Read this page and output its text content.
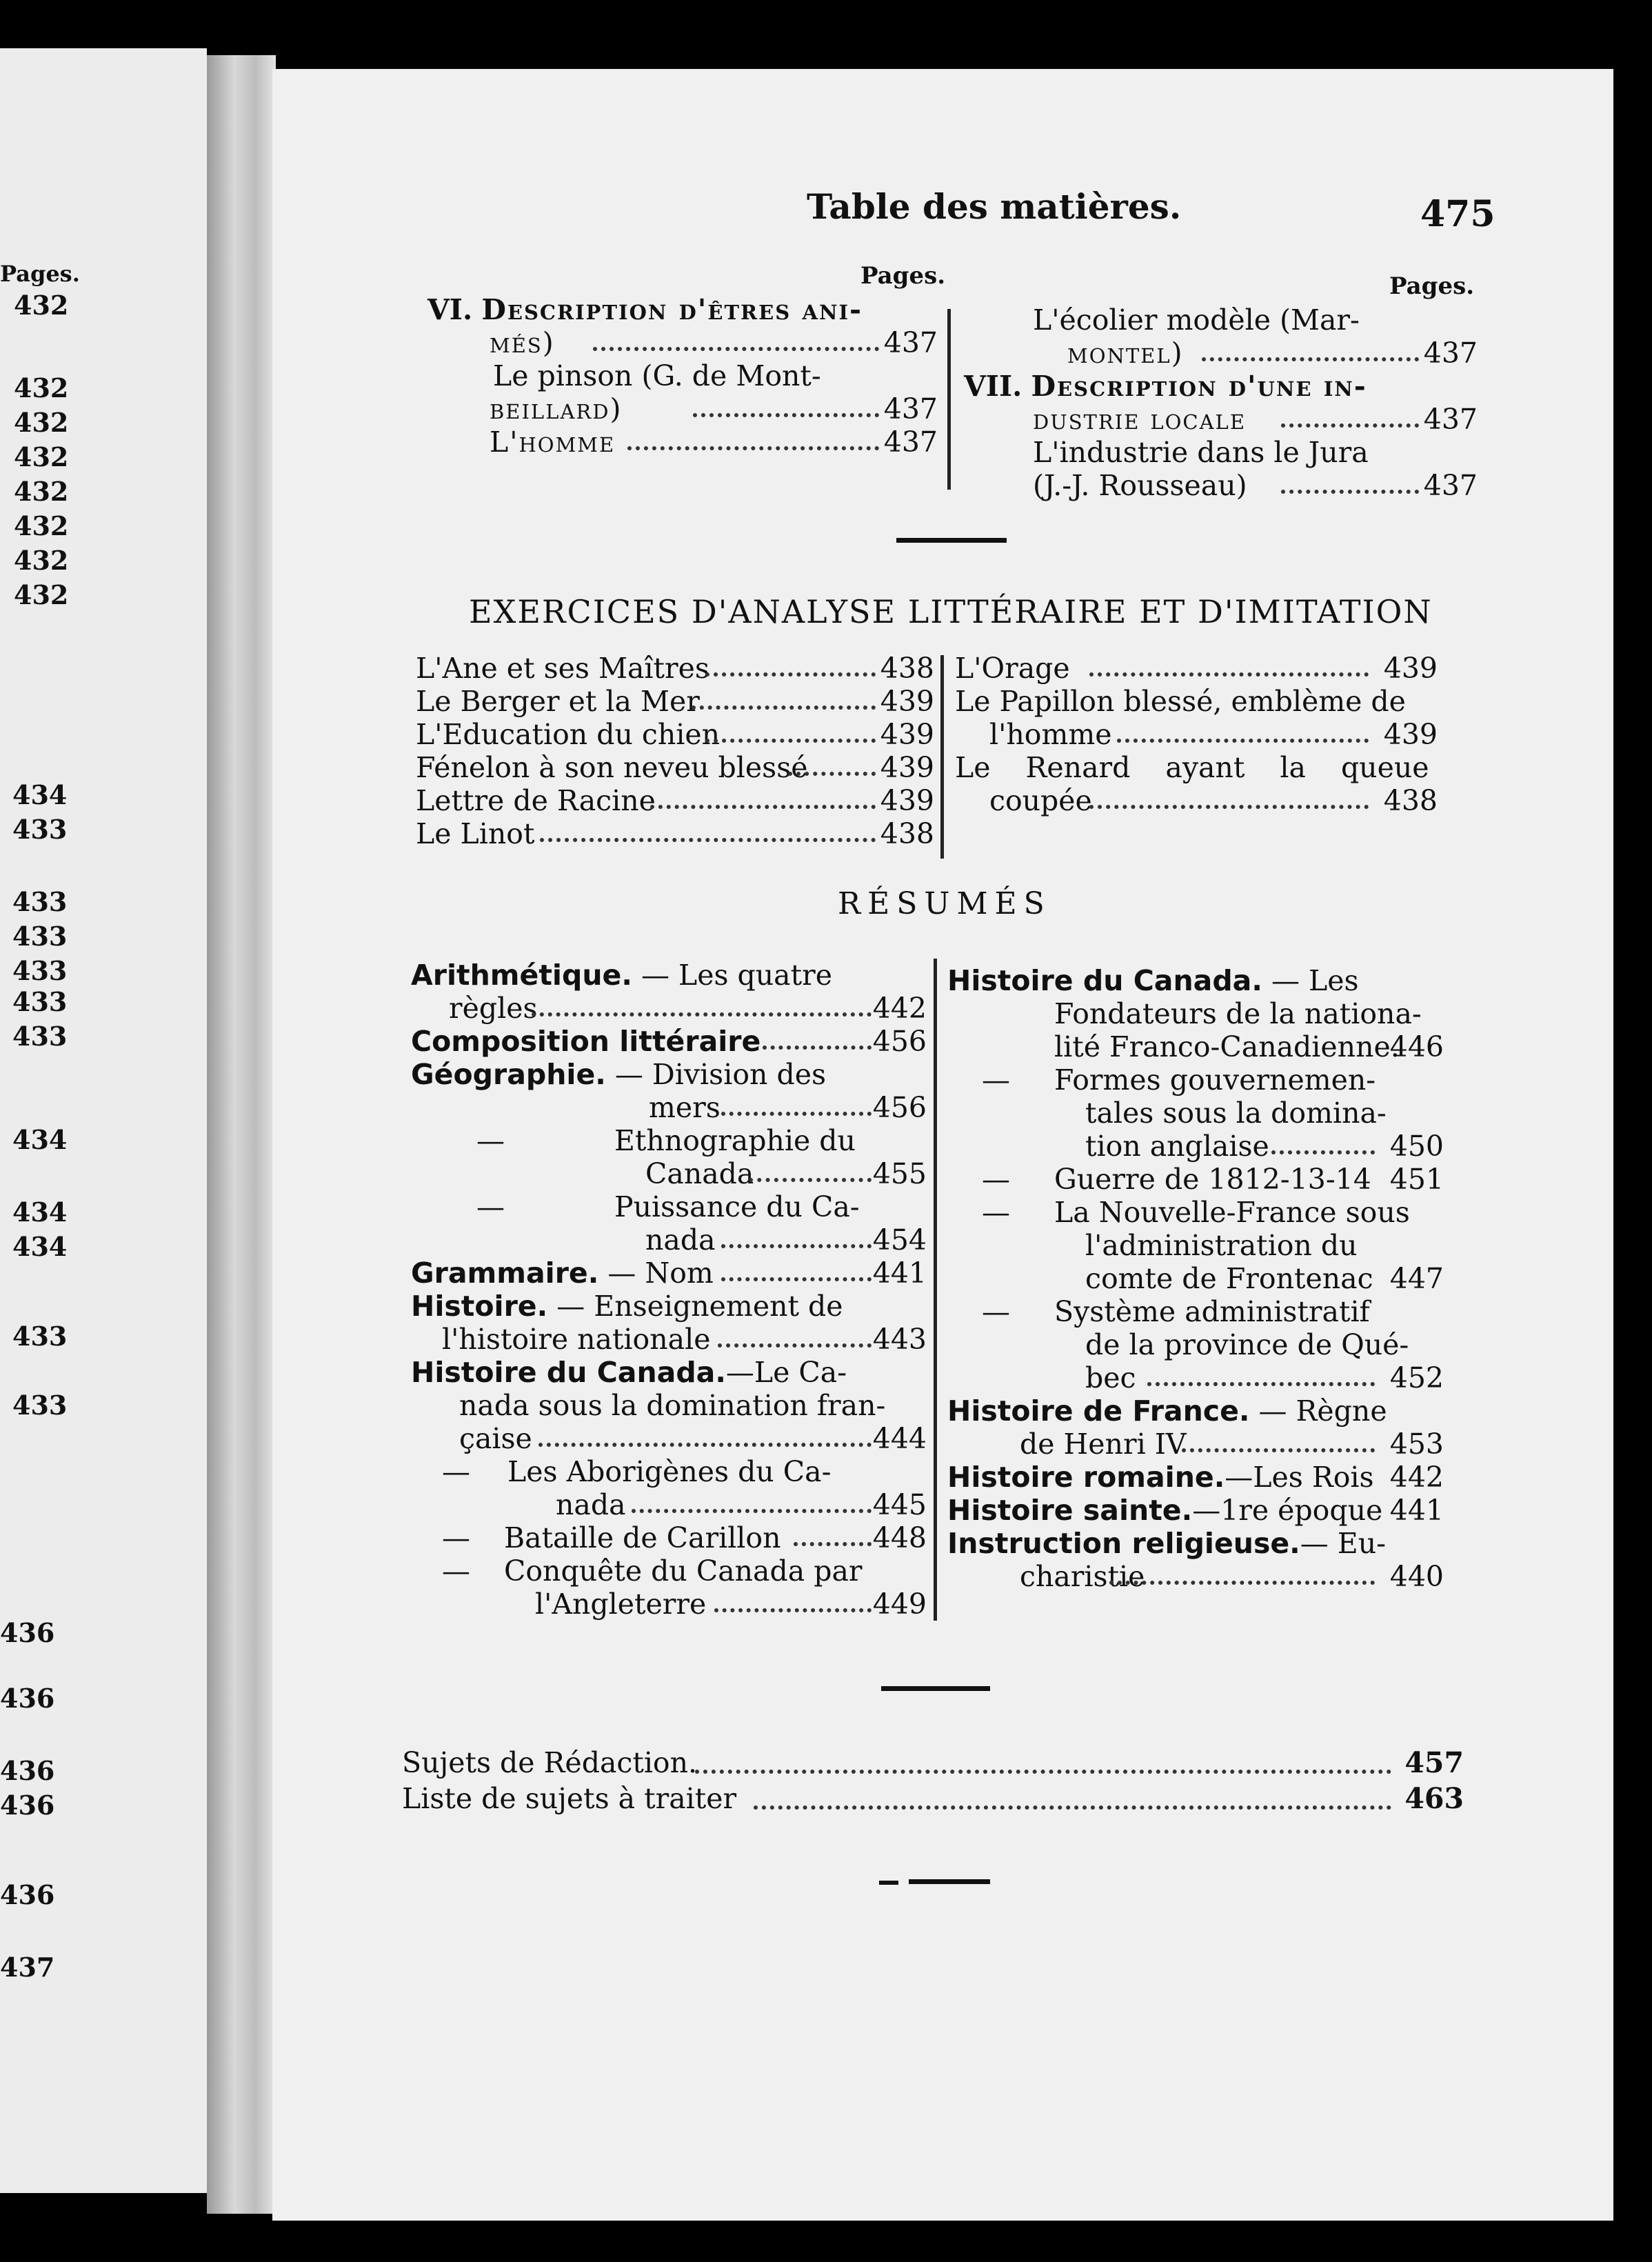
Pages.
432
432
432
432
432
432
432
432
434
433
433
433
433
433
433
434
434
434
433
433
436
436
436
436
436
437
Table des matières.	475
Pages.	Pages.
VI. Description d'êtres ani-
més)	437
Le pinson (G. de Mont-
beillard)	437
L'homme	437
L'écolier modèle (Mar-
montel)	437
VII. Description d'une in-
dustrie locale	437
L'industrie dans le Jura
(J.-J. Rousseau)	437
EXERCICES D'ANALYSE LITTÉRAIRE ET D'IMITATION
L'Ane et ses Maîtres	438
Le Berger et la Mer	439
L'Education du chien	439
Fénelon à son neveu blessé	439
Lettre de Racine	439
Le Linot	438
L'Orage	439
Le Papillon blessé, emblème de
l'homme	439
Le Renard ayant la queue
coupée	438
RÉSUMÉS
Arithmétique. — Les quatre
règles	442
Composition littéraire	456
Géographie. — Division des
mers	456
—	Ethnographie du
Canada	455
—	Puissance du Ca-
nada	454
Grammaire. — Nom	441
Histoire. — Enseignement de
l'histoire nationale	443
Histoire du Canada.—Le Ca-
nada sous la domination fran-
çaise	444
— Les Aborigènes du Ca-
nada	445
— Bataille de Carillon	448
— Conquête du Canada par
l'Angleterre	449
Histoire du Canada. — Les
Fondateurs de la nationa-
lité Franco-Canadienne.
446
— Formes gouvernemen-
tales sous la domina-
tion anglaise	450
— Guerre de 1812-13-14 451
— La Nouvelle-France sous
l'administration du
comte de Frontenac 447
— Système administratif
de la province de Qué-
bec	452
Histoire de France. — Règne
de Henri IV	453
Histoire romaine.—Les Rois 442
Histoire sainte.—1re époque 441
Instruction religieuse.— Eu-
charistie	440
Sujets de Rédaction.	457
Liste de sujets à traiter	463
